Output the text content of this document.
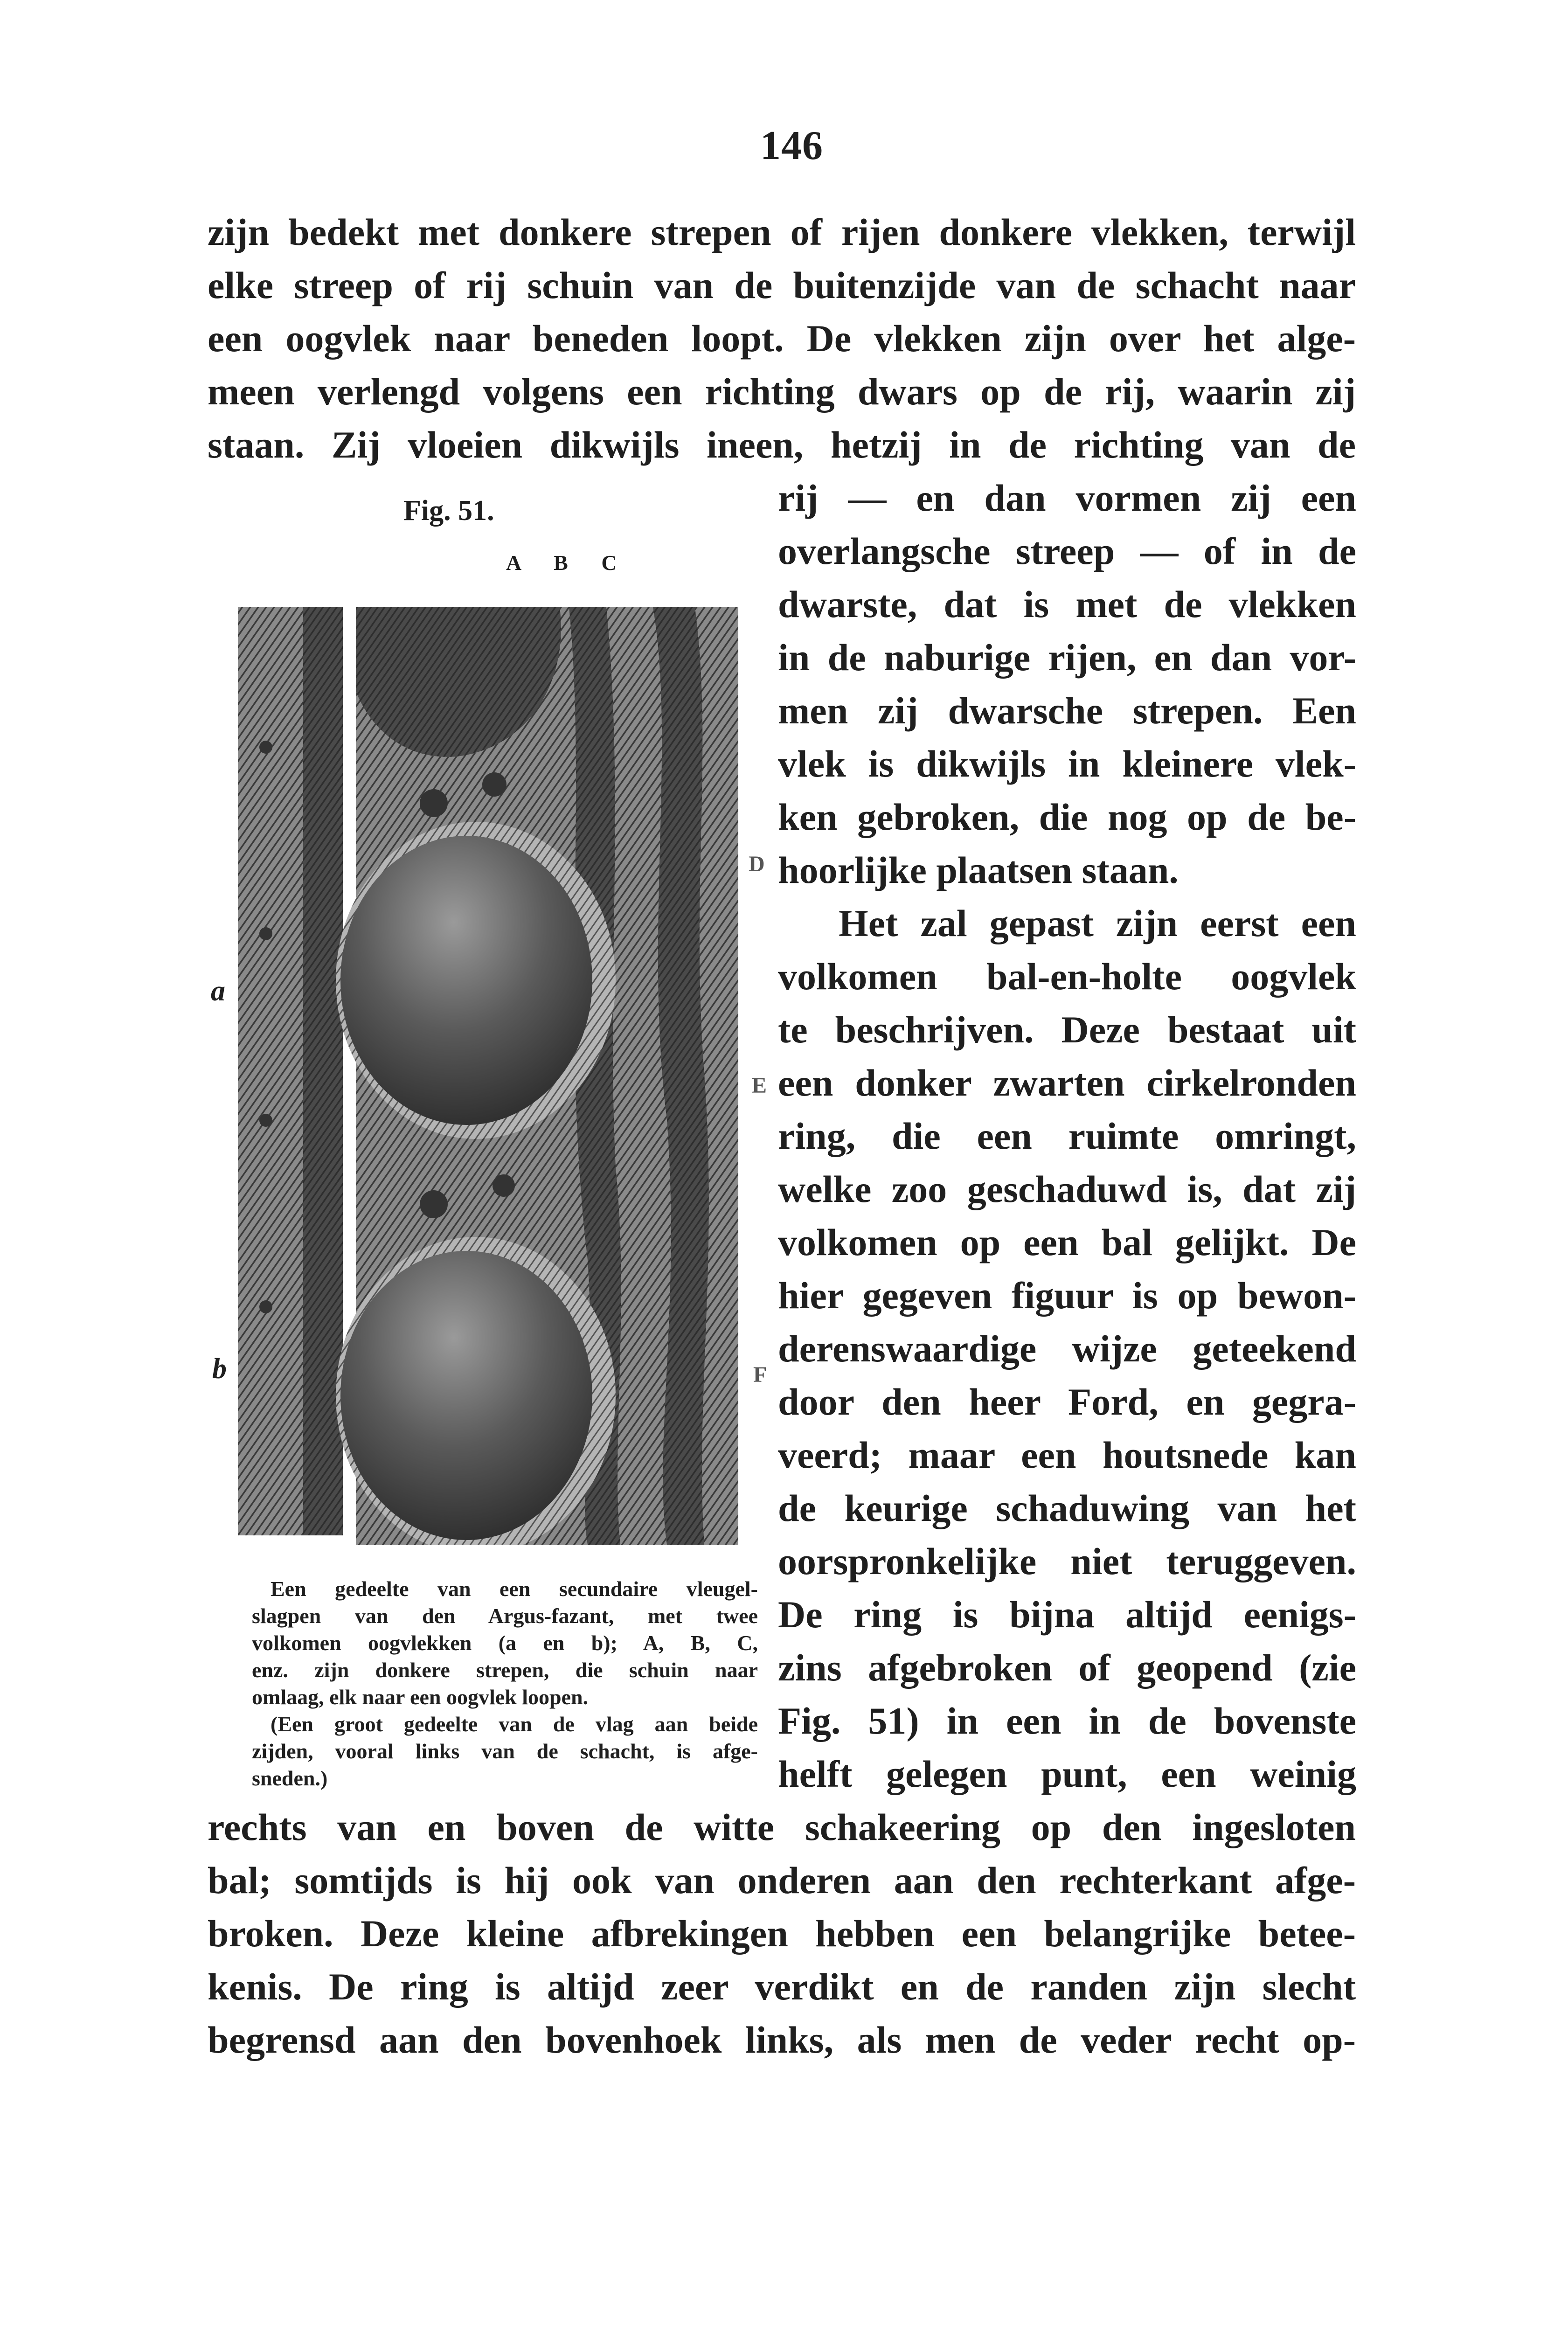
146
zijn bedekt met donkere strepen of rijen donkere vlekken, terwijl
elke streep of rij schuin van de buitenzijde van de schacht naar
een oogvlek naar beneden loopt. De vlekken zijn over het alge-
meen verlengd volgens een richting dwars op de rij, waarin zij
staan. Zij vloeien dikwijls ineen, hetzij in de richting van de
Fig. 51.
A B C
a
b
D
E
F
Een gedeelte van een secundaire vleugel-
slagpen van den Argus-fazant, met twee
volkomen oogvlekken (a en b); A, B, C,
enz. zijn donkere strepen, die schuin naar
omlaag, elk naar een oogvlek loopen.
(Een groot gedeelte van de vlag aan beide
zijden, vooral links van de schacht, is afge-
sneden.)
rij — en dan vormen zij een
overlangsche streep — of in de
dwarste, dat is met de vlekken
in de naburige rijen, en dan vor-
men zij dwarsche strepen. Een
vlek is dikwijls in kleinere vlek-
ken gebroken, die nog op de be-
hoorlijke plaatsen staan.
Het zal gepast zijn eerst een
volkomen bal-en-holte oogvlek
te beschrijven. Deze bestaat uit
een donker zwarten cirkelronden
ring, die een ruimte omringt,
welke zoo geschaduwd is, dat zij
volkomen op een bal gelijkt. De
hier gegeven figuur is op bewon-
derenswaardige wijze geteekend
door den heer Ford, en gegra-
veerd; maar een houtsnede kan
de keurige schaduwing van het
oorspronkelijke niet teruggeven.
De ring is bijna altijd eenigs-
zins afgebroken of geopend (zie
Fig. 51) in een in de bovenste
helft gelegen punt, een weinig
rechts van en boven de witte schakeering op den ingesloten
bal; somtijds is hij ook van onderen aan den rechterkant afge-
broken. Deze kleine afbrekingen hebben een belangrijke betee-
kenis. De ring is altijd zeer verdikt en de randen zijn slecht
begrensd aan den bovenhoek links, als men de veder recht op-
